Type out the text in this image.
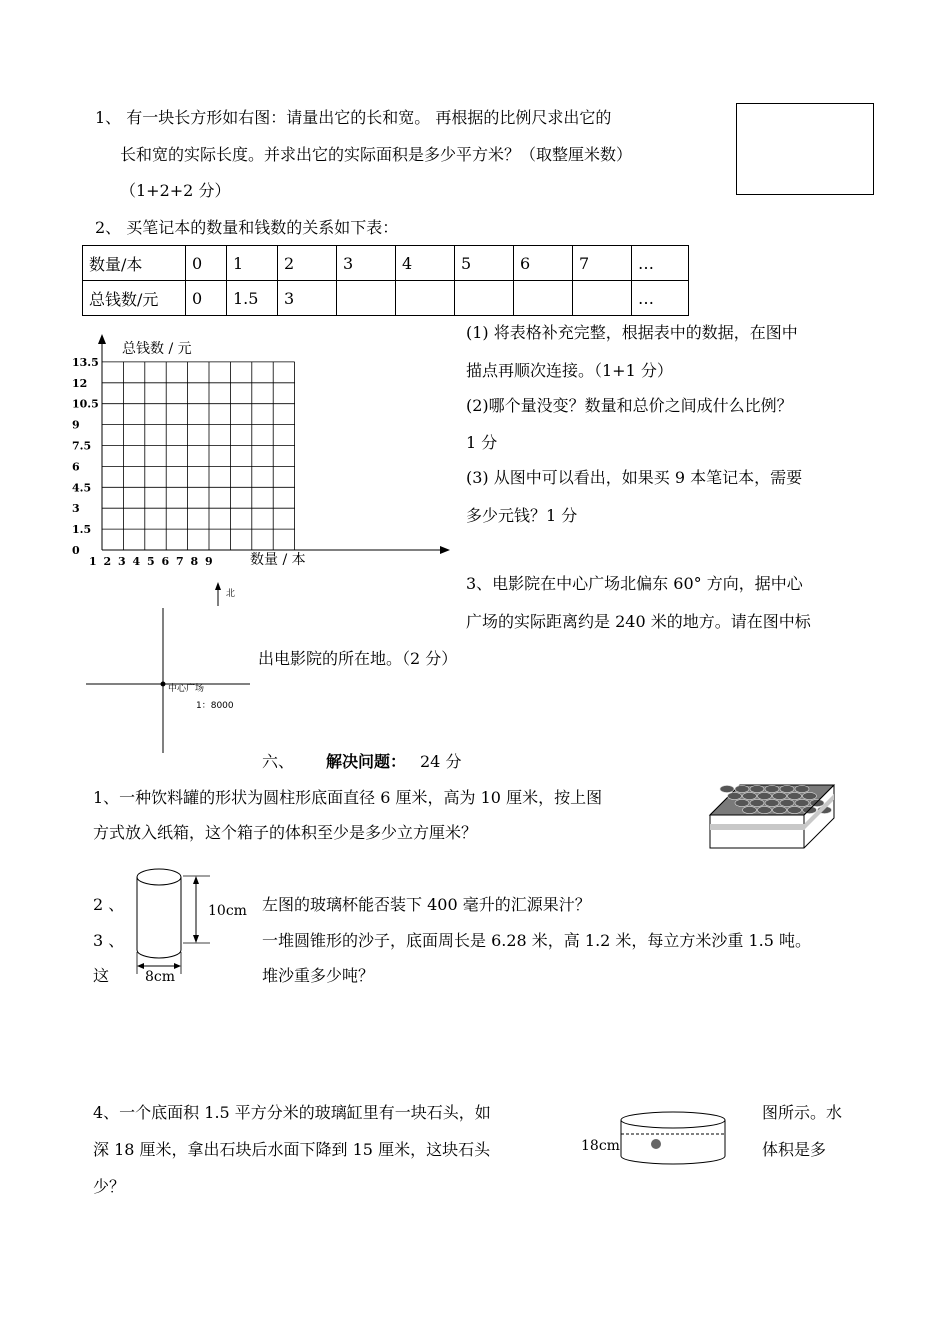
1、 有一块长方形如右图：请量出它的长和宽。 再根据的比例尺求出它的
长和宽的实际长度。并求出它的实际面积是多少平方米？（取整厘米数）
（1+2+2 分）
2、 买笔记本的数量和钱数的关系如下表：
数量/本	0	1	2	3	4	5	6	7	…
总钱数/元	0	1.5	3						…
1 2 3 4 5 6 7 8 9
0
1.5
3
4.5
6
7.5
9
10.5
12
13.5
总钱数 / 元
数量 / 本
(1) 将表格补充完整，根据表中的数据，在图中
描点再顺次连接。（1+1 分）
(2)哪个量没变？数量和总价之间成什么比例？
1 分
(3) 从图中可以看出，如果买 9 本笔记本，需要
多少元钱？1 分
3、电影院在中心广场北偏东 60° 方向，据中心
广场的实际距离约是 240 米的地方。请在图中标
出电影院的所在地。（2 分）
北
中心广场
1：8000
六、 解决问题： 24 分
1、一种饮料罐的形状为圆柱形底面直径 6 厘米，高为 10 厘米，按上图
方式放入纸箱，这个箱子的体积至少是多少立方厘米？
2 、	左图的玻璃杯能否装下 400 毫升的汇源果汁？
3 、	一堆圆锥形的沙子，底面周长是 6.28 米，高 1.2 米，每立方米沙重 1.5 吨。
这	堆沙重多少吨？
10cm
8cm
4、一个底面积 1.5 平方分米的玻璃缸里有一块石头，如	图所示。水
深 18 厘米，拿出石块后水面下降到 15 厘米，这块石头	体积是多
少？
18cm
